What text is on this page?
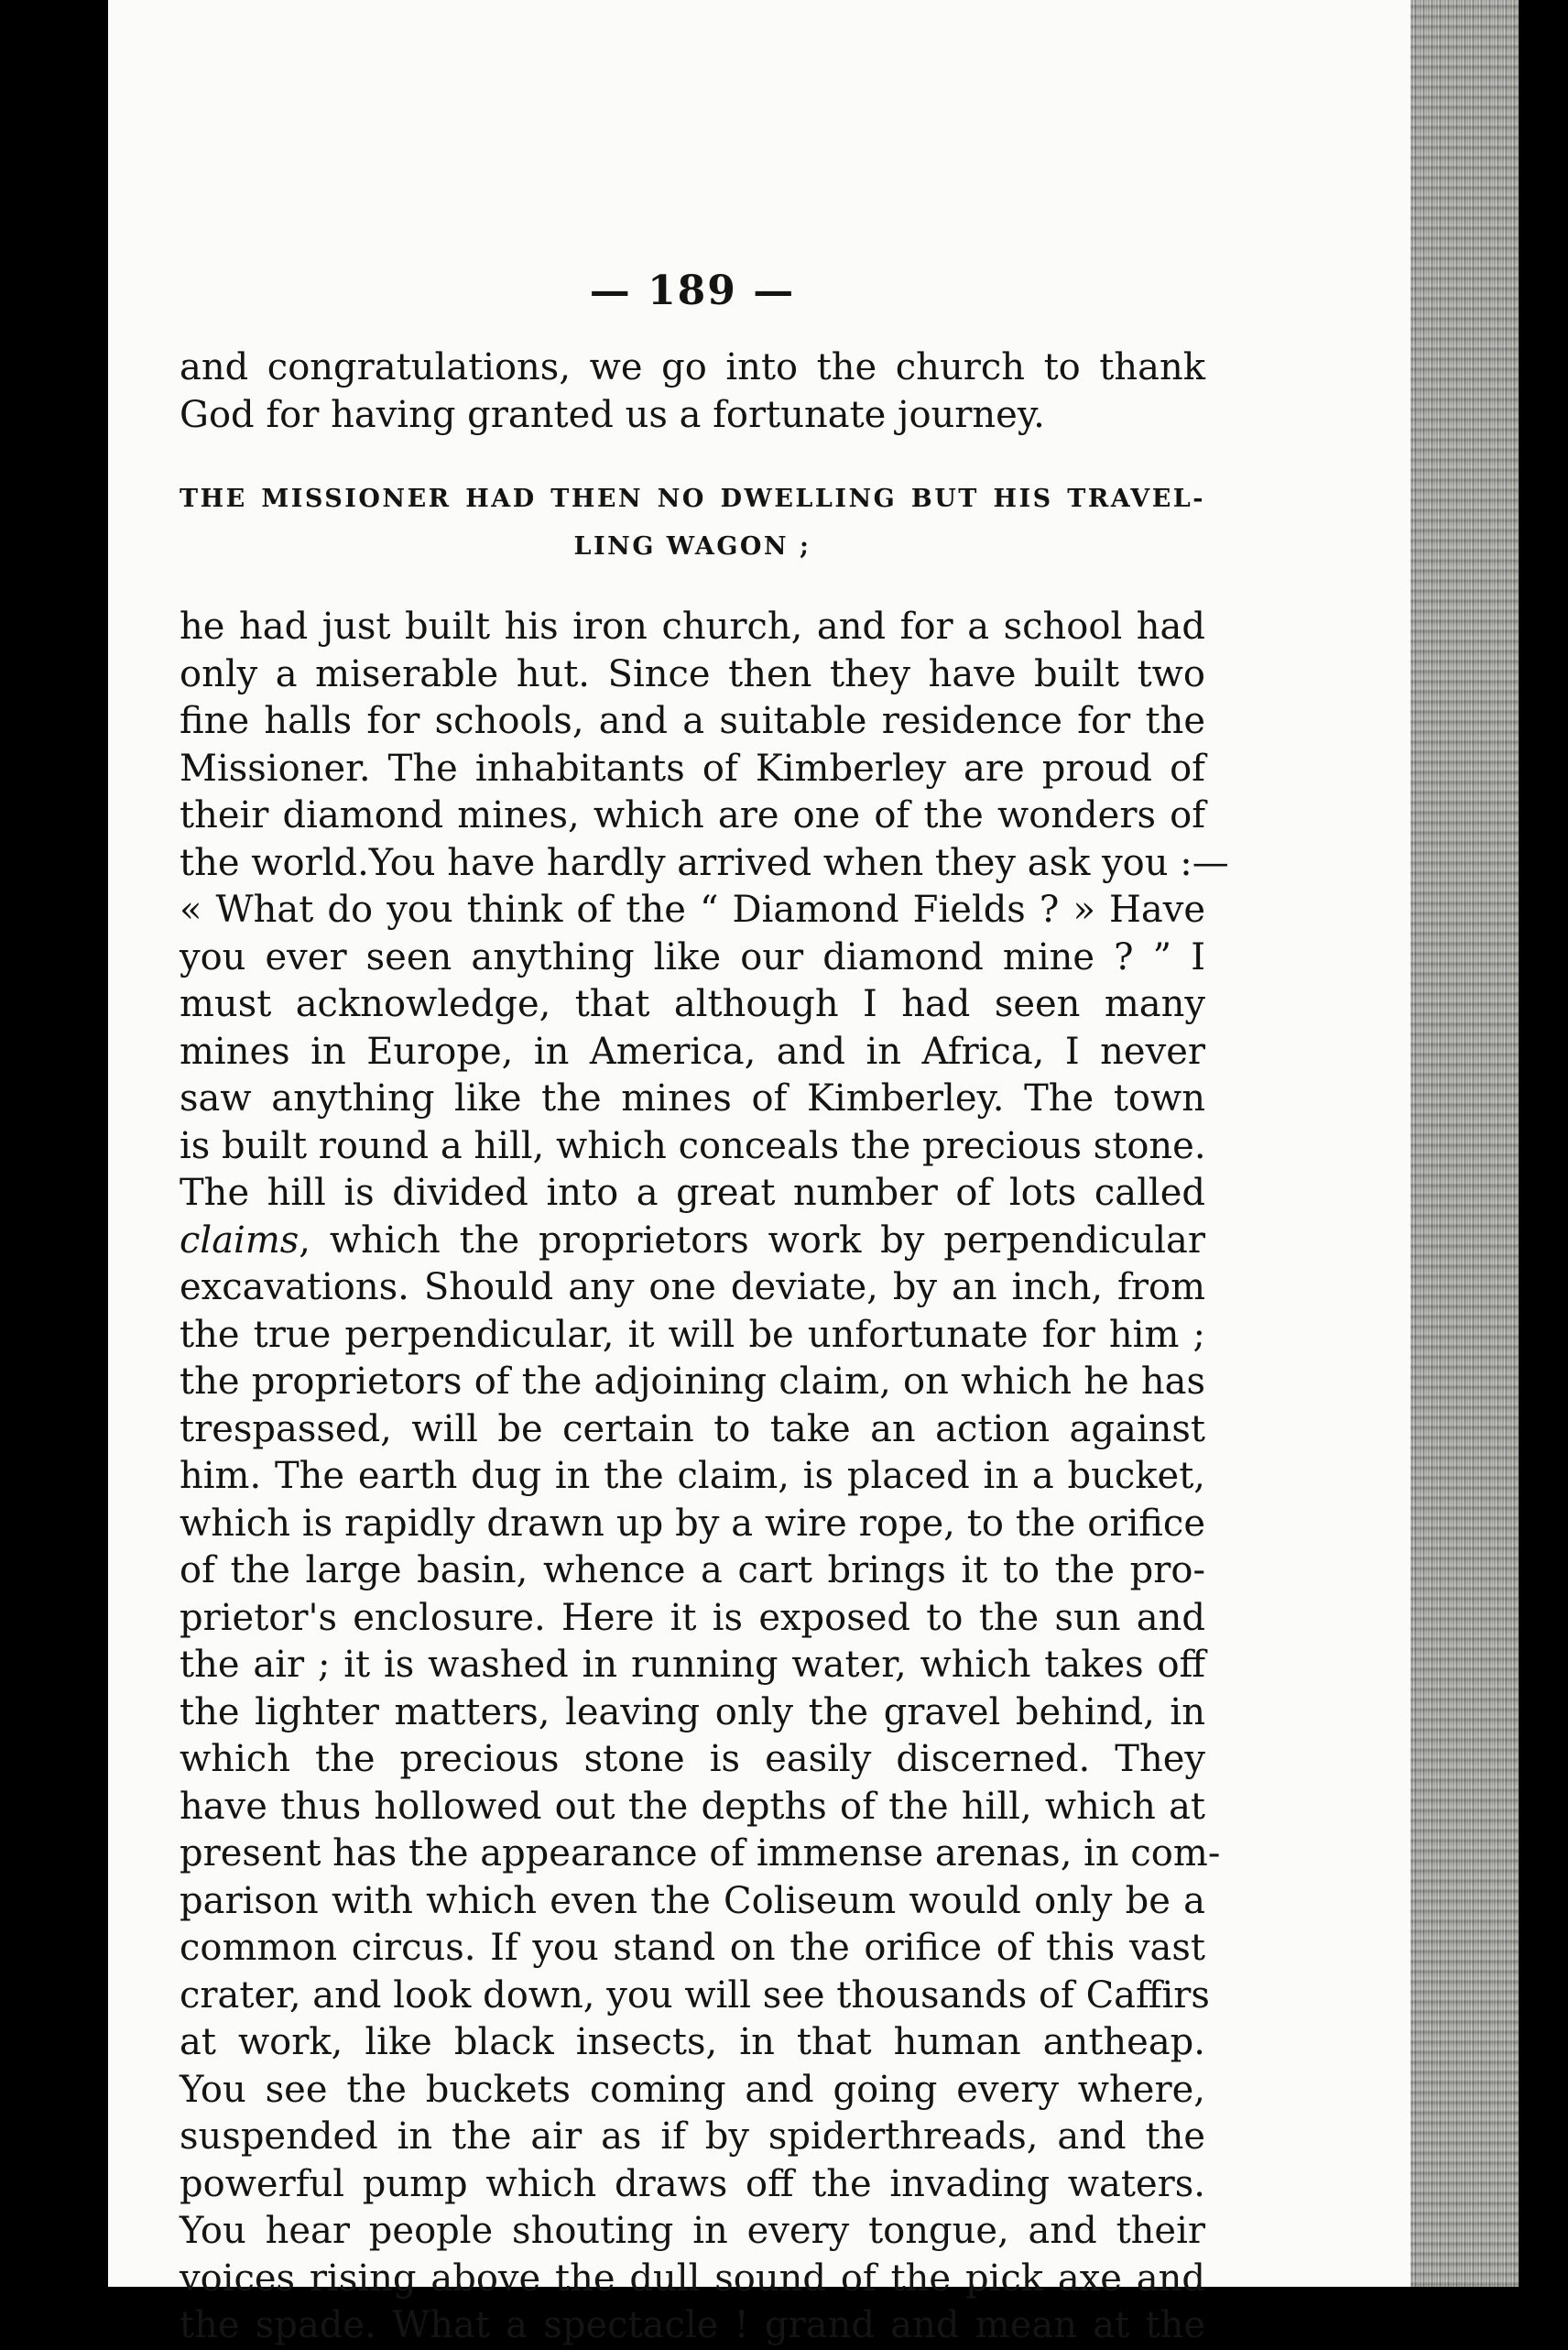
— 189 —
and congratulations, we go into the church to thank
God for having granted us a fortunate journey.
THE MISSIONER HAD THEN NO DWELLING BUT HIS TRAVEL-
LING WAGON ;
he had just built his iron church, and for a school had
only a miserable hut. Since then they have built two
fine halls for schools, and a suitable residence for the
Missioner. The inhabitants of Kimberley are proud of
their diamond mines, which are one of the wonders of
the world.You have hardly arrived when they ask you :—
« What do you think of the “ Diamond Fields ? » Have
you ever seen anything like our diamond mine ? ” I
must acknowledge, that although I had seen many
mines in Europe, in America, and in Africa, I never
saw anything like the mines of Kimberley. The town
is built round a hill, which conceals the precious stone.
The hill is divided into a great number of lots called
claims, which the proprietors work by perpendicular
excavations. Should any one deviate, by an inch, from
the true perpendicular, it will be unfortunate for him ;
the proprietors of the adjoining claim, on which he has
trespassed, will be certain to take an action against
him. The earth dug in the claim, is placed in a bucket,
which is rapidly drawn up by a wire rope, to the orifice
of the large basin, whence a cart brings it to the pro-
prietor's enclosure. Here it is exposed to the sun and
the air ; it is washed in running water, which takes off
the lighter matters, leaving only the gravel behind, in
which the precious stone is easily discerned. They
have thus hollowed out the depths of the hill, which at
present has the appearance of immense arenas, in com-
parison with which even the Coliseum would only be a
common circus. If you stand on the orifice of this vast
crater, and look down, you will see thousands of Caffirs
at work, like black insects, in that human antheap.
You see the buckets coming and going every where,
suspended in the air as if by spiderthreads, and the
powerful pump which draws off the invading waters.
You hear people shouting in every tongue, and their
voices rising above the dull sound of the pick axe and
the spade. What a spectacle ! grand and mean at the
